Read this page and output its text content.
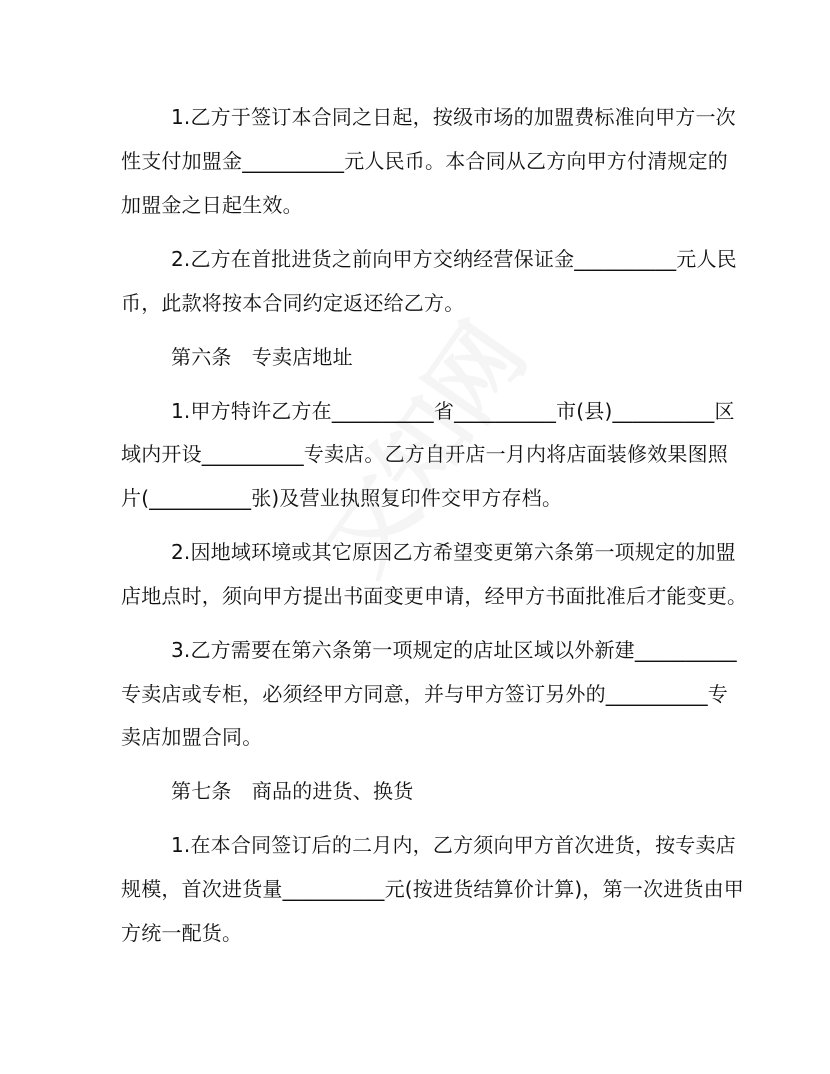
1.乙方于签订本合同之日起，按级市场的加盟费标准向甲方一次
性支付加盟金__________元人民币。本合同从乙方向甲方付清规定的
加盟金之日起生效。
2.乙方在首批进货之前向甲方交纳经营保证金__________元人民
币，此款将按本合同约定返还给乙方。
第六条　专卖店地址
1.甲方特许乙方在__________省__________市(县)__________区
域内开设__________专卖店。乙方自开店一月内将店面装修效果图照
片(__________张)及营业执照复印件交甲方存档。
2.因地域环境或其它原因乙方希望变更第六条第一项规定的加盟
店地点时，须向甲方提出书面变更申请，经甲方书面批准后才能变更。
3.乙方需要在第六条第一项规定的店址区域以外新建__________
专卖店或专柜，必须经甲方同意，并与甲方签订另外的__________专
卖店加盟合同。
第七条　商品的进货、换货
1.在本合同签订后的二月内，乙方须向甲方首次进货，按专卖店
规模，首次进货量__________元(按进货结算价计算)，第一次进货由甲
方统一配货。
